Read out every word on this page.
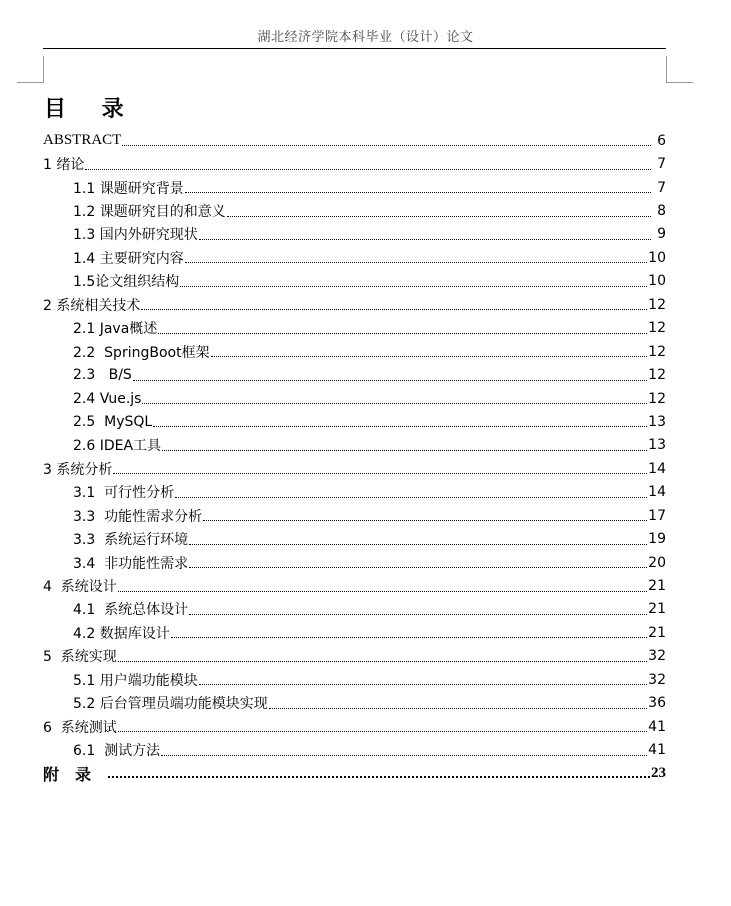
湖北经济学院本科毕业（设计）论文
目 录
ABSTRACT	6
1 绪论	7
1.1 课题研究背景	7
1.2 课题研究目的和意义	8
1.3 国内外研究现状	9
1.4 主要研究内容	10
1.5论文组织结构	10
2 系统相关技术	12
2.1 Java概述	12
2.2  SpringBoot框架	12
2.3   B/S	12
2.4 Vue.js	12
2.5  MySQL	13
2.6 IDEA工具	13
3 系统分析	14
3.1  可行性分析	14
3.3  功能性需求分析	17
3.3  系统运行环境	19
3.4  非功能性需求	20
4  系统设计	21
4.1  系统总体设计	21
4.2 数据库设计	21
5  系统实现	32
5.1 用户端功能模块	32
5.2 后台管理员端功能模块实现	36
6  系统测试	41
6.1  测试方法	41
附录	23
